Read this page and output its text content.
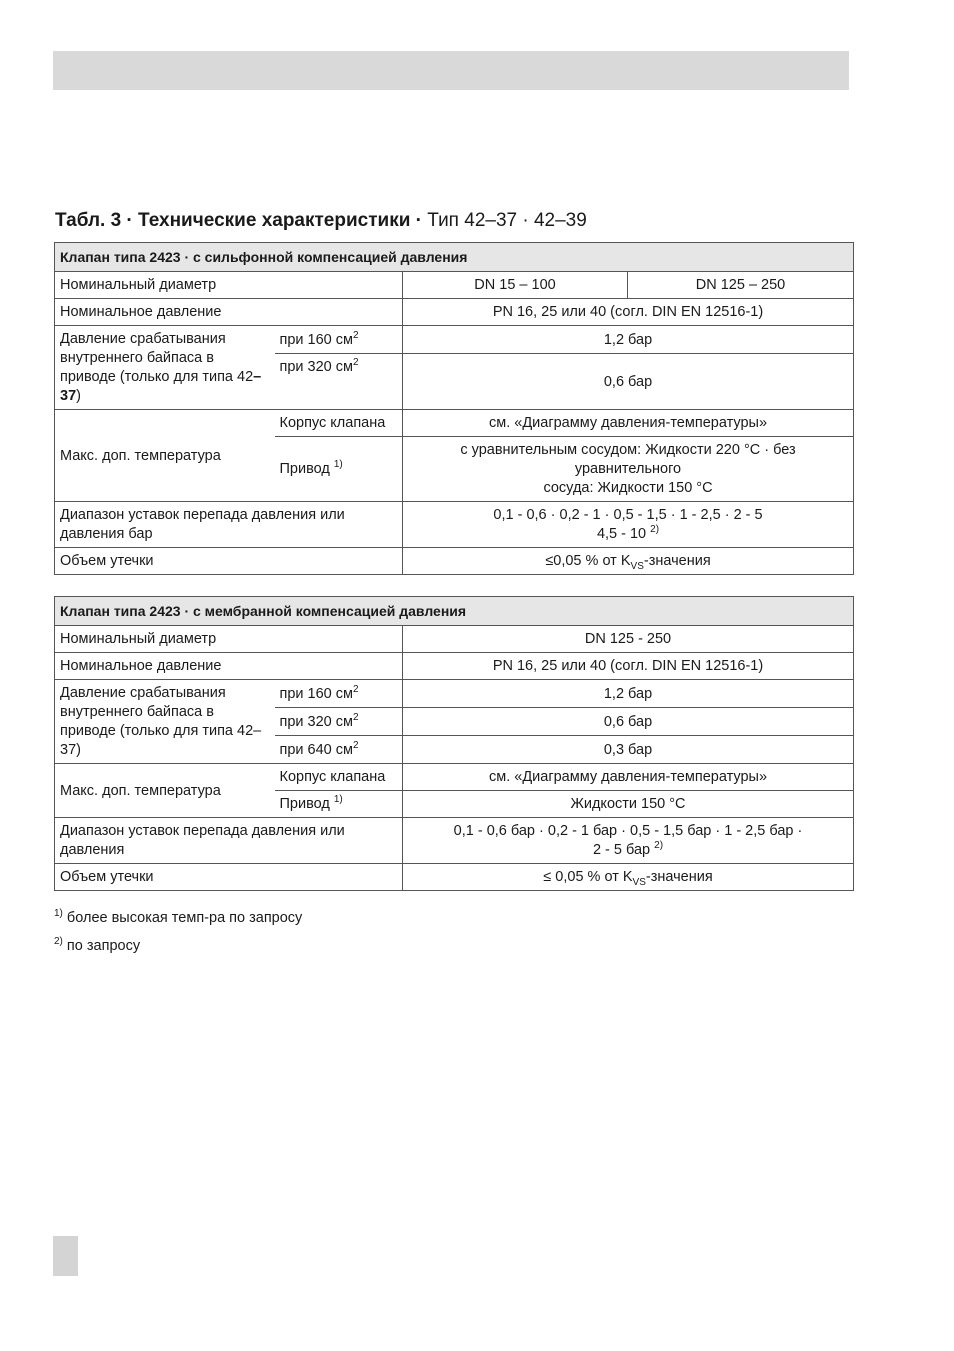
Табл. 3 · Технические характеристики · Тип 42–37 · 42–39
Клапан типа 2423 · с сильфонной компенсацией давления			
Номинальный диаметр		DN 15 – 100	DN 125 – 250
Номинальное давление		PN 16, 25 или 40 (согл. DIN EN 12516-1)	
Давление срабатывания внутреннего байпаса в приводе (только для типа 42–37)	при 160 $см^2$	1,2 бар	
	при 320 $см^2$	0,6 бар	
Макс. доп. температура	Корпус клапана	см. «Диаграмму давления-температуры»	
	Привод $^{1)}$	с уравнительным сосудом: Жидкости 220 °C · без уравнительного
сосуда: Жидкости 150 °C	
Диапазон уставок перепада давления или давления бар		0,1 - 0,6 · 0,2 - 1 · 0,5 - 1,5 · 1 - 2,5 · 2 - 5
4,5 - 10 $^{2)}$
Объем утечки		≤0,05 % от $K_{VS}$-значения	
Клапан типа 2423 · с мембранной компенсацией давления		
Номинальный диаметр		DN 125 - 250
Номинальное давление		PN 16, 25 или 40 (согл. DIN EN 12516-1)
Давление срабатывания внутреннего байпаса в приводе (только для типа 42–37)	при 160 $см^2$	1,2 бар
	при 320 $см^2$	0,6 бар
	при 640 $см^2$	0,3 бар
Макс. доп. температура	Корпус клапана	см. «Диаграмму давления-температуры»
	Привод $^{1)}$	Жидкости 150 °C
Диапазон уставок перепада давления или давления		0,1 - 0,6 бар · 0,2 - 1 бар · 0,5 - 1,5 бар · 1 - 2,5 бар ·
2 - 5 бар $^{2)}$
Объем утечки		≤ 0,05 % от $K_{VS}$-значения
$^{1)}$ более высокая темп-ра по запросу
$^{2)}$ по запросу
